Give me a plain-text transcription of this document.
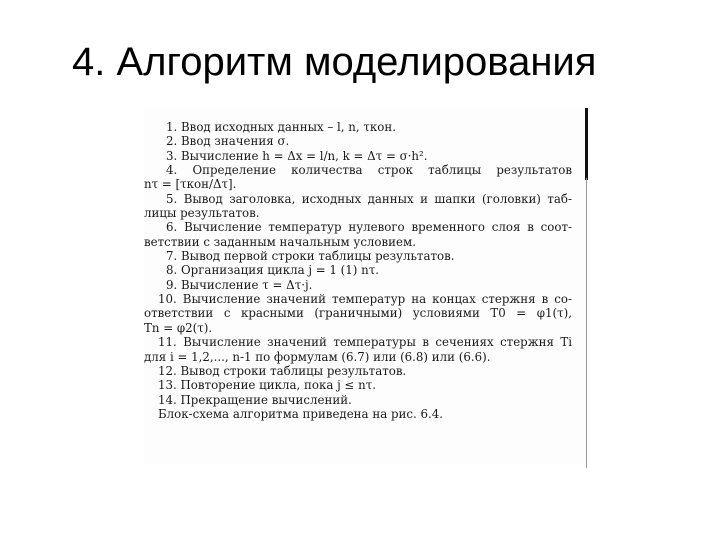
4. Алгоритм моделирования
1. Ввод исходных данных – l, n, τкон.
2. Ввод значения σ.
3. Вычисление h = Δx = l/n, k = Δτ = σ·h².
4. Определение количества строк таблицы результатов
nτ = [τкон/Δτ].
5. Вывод заголовка, исходных данных и шапки (головки) таб-
лицы результатов.
6. Вычисление температур нулевого временного слоя в соот-
ветствии с заданным начальным условием.
7. Вывод первой строки таблицы результатов.
8. Организация цикла j = 1 (1) nτ.
9. Вычисление τ = Δτ·j.
10. Вычисление значений температур на концах стержня в со-
ответствии с красными (граничными) условиями T0 = φ1(τ),
Tn = φ2(τ).
11. Вычисление значений температуры в сечениях стержня Ti
для i = 1,2,..., n-1 по формулам (6.7) или (6.8) или (6.6).
12. Вывод строки таблицы результатов.
13. Повторение цикла, пока j ≤ nτ.
14. Прекращение вычислений.
Блок-схема алгоритма приведена на рис. 6.4.
